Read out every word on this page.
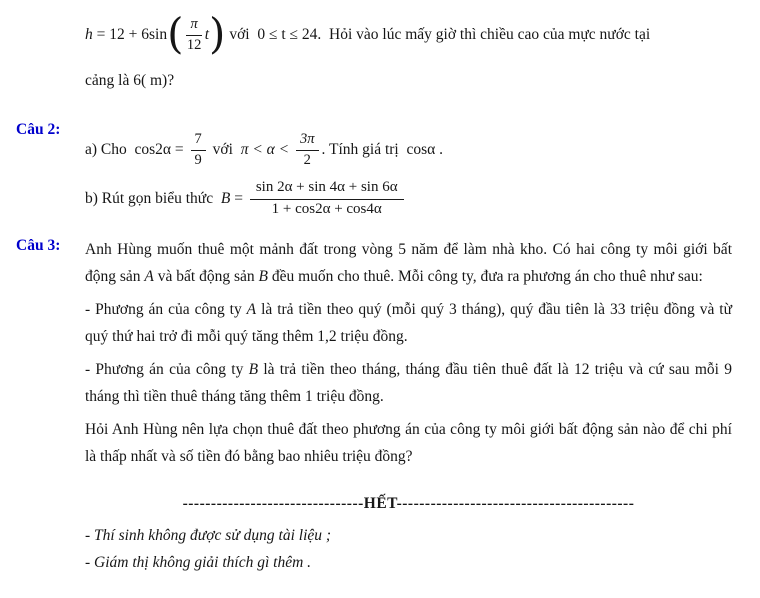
h = 12 + 6sin ( $\frac{\pi}{12}$ t ) với  0 ≤ t ≤ 24. Hỏi vào lúc mấy giờ thì chiều cao của mực nước tại
cảng là 6( m)?
Câu 2:
a) Cho $\cos 2\alpha = \frac{7}{9}$ với $\pi < \alpha < \frac{3\pi}{2}$ . Tính giá trị  cosα .
b) Rút gọn biểu thức $B = \frac{\sin 2\alpha + \sin 4\alpha + \sin 6\alpha}{1 + \cos 2\alpha + \cos 4\alpha}$
Câu 3: Anh Hùng muốn thuê một mảnh đất trong vòng 5 năm để làm nhà kho. Có hai công ty môi giới bất động sản A và bất động sản B đều muốn cho thuê. Mỗi công ty, đưa ra phương án cho thuê như sau:

- Phương án của công ty A là trả tiền theo quý (mỗi quý 3 tháng), quý đầu tiên là 33 triệu đồng và từ quý thứ hai trở đi mỗi quý tăng thêm 1,2 triệu đồng.

- Phương án của công ty B là trả tiền theo tháng, tháng đầu tiên thuê đất là 12 triệu và cứ sau mỗi 9 tháng thì tiền thuê tháng tăng thêm 1 triệu đồng.

Hỏi Anh Hùng nên lựa chọn thuê đất theo phương án của công ty môi giới bất động sản nào để chi phí là thấp nhất và số tiền đó bằng bao nhiêu triệu đồng?

--------------------------------HẾT------------------------------------------
- Thí sinh không được sử dụng tài liệu ;
- Giám thị không giải thích gì thêm .
